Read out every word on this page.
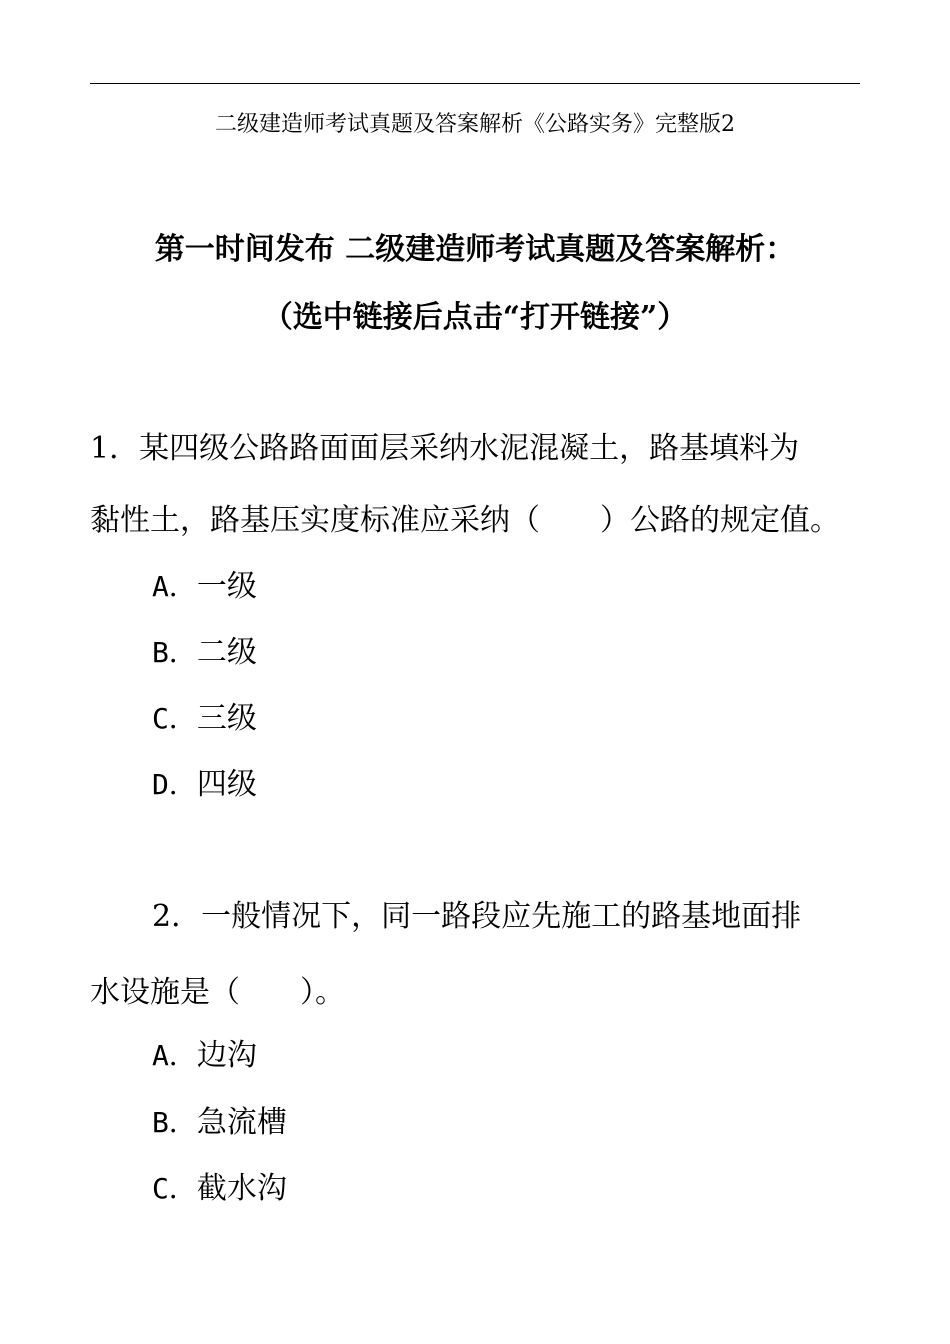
二级建造师考试真题及答案解析《公路实务》完整版2
第一时间发布 二级建造师考试真题及答案解析：
（选中链接后点击“打开链接”）
1．某四级公路路面面层采纳水泥混凝土，路基填料为
黏性土，路基压实度标准应采纳（　　）公路的规定值。
A．一级
B．二级
C．三级
D．四级
2．一般情况下，同一路段应先施工的路基地面排
水设施是（　　）。
A．边沟
B．急流槽
C．截水沟
